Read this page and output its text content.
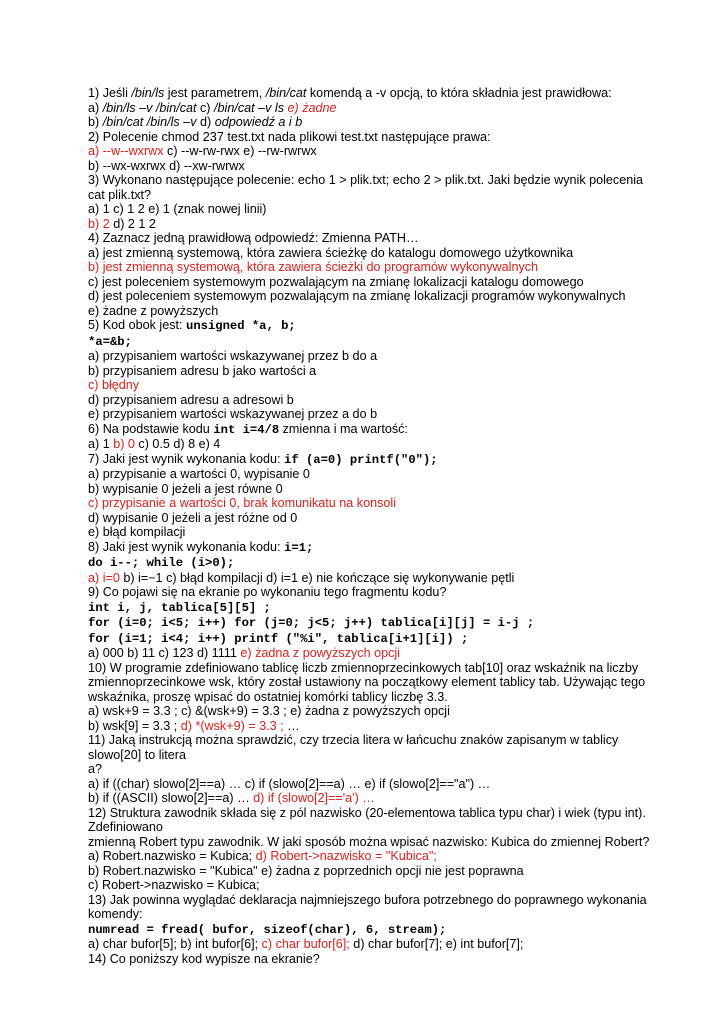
1) Jeśli /bin/ls jest parametrem, /bin/cat komendą a -v opcją, to która składnia jest prawidłowa:
a) /bin/ls –v /bin/cat c) /bin/cat –v ls e) żadne
b) /bin/cat /bin/ls –v d) odpowiedź a i b
2) Polecenie chmod 237 test.txt nada plikowi test.txt następujące prawa:
a) --w--wxrwx c) --w-rw-rwx e) --rw-rwrwx
b) --wx-wxrwx d) --xw-rwrwx
3) Wykonano następujące polecenie: echo 1 > plik.txt; echo 2 > plik.txt. Jaki będzie wynik polecenia cat plik.txt?
a) 1 c) 1 2 e) 1 (znak nowej linii)
b) 2 d) 2 1 2
4) Zaznacz jedną prawidłową odpowiedź: Zmienna PATH…
a) jest zmienną systemową, która zawiera ścieżkę do katalogu domowego użytkownika
b) jest zmienną systemową, która zawiera ścieżki do programów wykonywalnych
c) jest poleceniem systemowym pozwalającym na zmianę lokalizacji katalogu domowego
d) jest poleceniem systemowym pozwalającym na zmianę lokalizacji programów wykonywalnych
e) żadne z powyższych
5) Kod obok jest: unsigned *a, b;
*a=&b;
a) przypisaniem wartości wskazywanej przez b do a
b) przypisaniem adresu b jako wartości a
c) błędny
d) przypisaniem adresu a adresowi b
e) przypisaniem wartości wskazywanej przez a do b
6) Na podstawie kodu int i=4/8 zmienna i ma wartość:
a) 1 b) 0 c) 0.5 d) 8 e) 4
7) Jaki jest wynik wykonania kodu: if (a=0) printf("0");
a) przypisanie a wartości 0, wypisanie 0
b) wypisanie 0 jeżeli a jest równe 0
c) przypisanie a wartości 0, brak komunikatu na konsoli
d) wypisanie 0 jeżeli a jest różne od 0
e) błąd kompilacji
8) Jaki jest wynik wykonania kodu: i=1;
do i--; while (i>0);
a) i=0 b) i=−1 c) błąd kompilacji d) i=1 e) nie kończące się wykonywanie pętli
9) Co pojawi się na ekranie po wykonaniu tego fragmentu kodu?
int i, j, tablica[5][5] ;
for (i=0; i<5; i++) for (j=0; j<5; j++) tablica[i][j] = i-j ;
for (i=1; i<4; i++) printf ("%i", tablica[i+1][i]) ;
a) 000 b) 11 c) 123 d) 1111 e) żadna z powyższych opcji
10) W programie zdefiniowano tablicę liczb zmiennoprzecinkowych tab[10] oraz wskaźnik na liczby zmiennoprzecinkowe wsk, który został ustawiony na początkowy element tablicy tab. Używając tego wskaźnika, proszę wpisać do ostatniej komórki tablicy liczbę 3.3.
a) wsk+9 = 3.3 ; c) &(wsk+9) = 3.3 ; e) żadna z powyższych opcji
b) wsk[9] = 3.3 ; d) *(wsk+9) = 3.3 ; …
11) Jaką instrukcją można sprawdzić, czy trzecia litera w łańcuchu znaków zapisanym w tablicy slowo[20] to litera
a?
a) if ((char) slowo[2]==a) … c) if (slowo[2]==a) … e) if (slowo[2]=="a") …
b) if ((ASCII) slowo[2]==a) … d) if (slowo[2]=='a') …
12) Struktura zawodnik składa się z pól nazwisko (20-elementowa tablica typu char) i wiek (typu int). Zdefiniowano
zmienną Robert typu zawodnik. W jaki sposób można wpisać nazwisko: Kubica do zmiennej Robert?
a) Robert.nazwisko = Kubica; d) Robert->nazwisko = "Kubica";
b) Robert.nazwisko = "Kubica" e) żadna z poprzednich opcji nie jest poprawna
c) Robert->nazwisko = Kubica;
13) Jak powinna wyglądać deklaracja najmniejszego bufora potrzebnego do poprawnego wykonania komendy:
numread = fread( bufor, sizeof(char), 6, stream);
a) char bufor[5]; b) int bufor[6]; c) char bufor[6]; d) char bufor[7]; e) int bufor[7];
14) Co poniższy kod wypisze na ekranie?
